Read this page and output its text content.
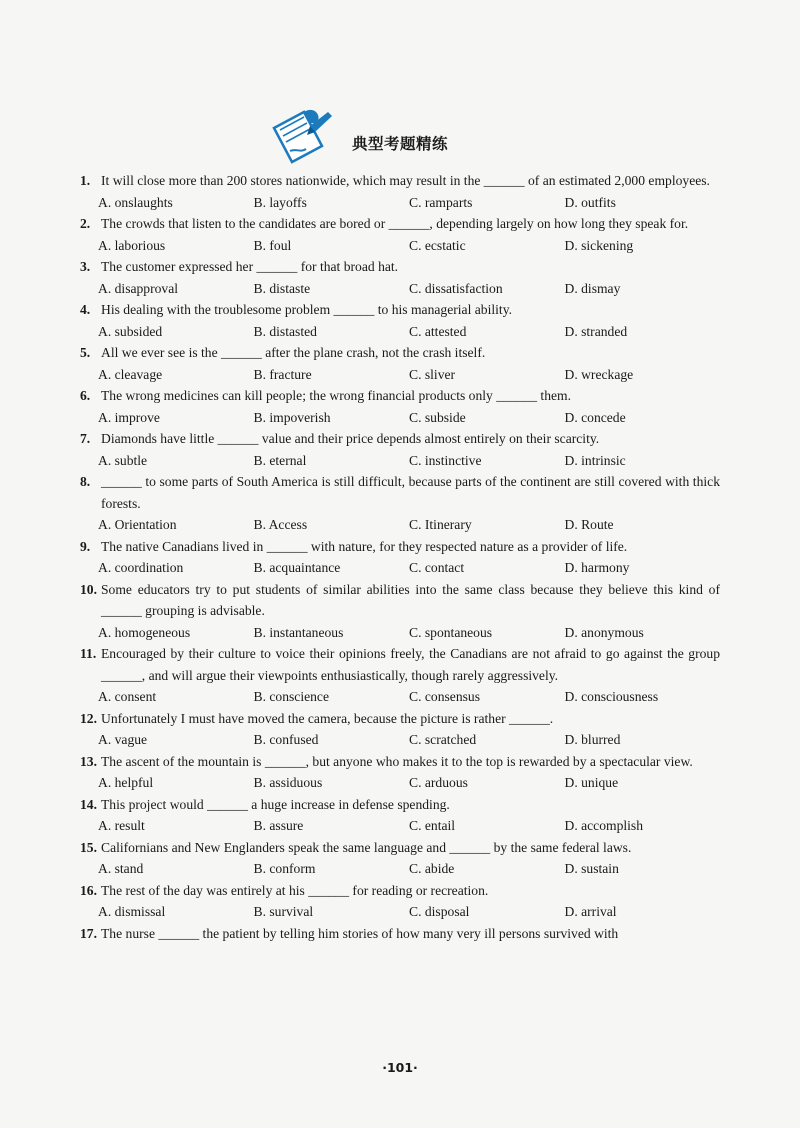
典型考题精练
1. It will close more than 200 stores nationwide, which may result in the ______ of an estimated 2,000 employees.
A. onslaughts	B. layoffs	C. ramparts	D. outfits
2. The crowds that listen to the candidates are bored or ______, depending largely on how long they speak for.
A. laborious	B. foul	C. ecstatic	D. sickening
3. The customer expressed her ______ for that broad hat.
A. disapproval	B. distaste	C. dissatisfaction	D. dismay
4. His dealing with the troublesome problem ______ to his managerial ability.
A. subsided	B. distasted	C. attested	D. stranded
5. All we ever see is the ______ after the plane crash, not the crash itself.
A. cleavage	B. fracture	C. sliver	D. wreckage
6. The wrong medicines can kill people; the wrong financial products only ______ them.
A. improve	B. impoverish	C. subside	D. concede
7. Diamonds have little ______ value and their price depends almost entirely on their scarcity.
A. subtle	B. eternal	C. instinctive	D. intrinsic
8. ______ to some parts of South America is still difficult, because parts of the continent are still covered with thick forests.
A. Orientation	B. Access	C. Itinerary	D. Route
9. The native Canadians lived in ______ with nature, for they respected nature as a provider of life.
A. coordination	B. acquaintance	C. contact	D. harmony
10. Some educators try to put students of similar abilities into the same class because they believe this kind of ______ grouping is advisable.
A. homogeneous	B. instantaneous	C. spontaneous	D. anonymous
11. Encouraged by their culture to voice their opinions freely, the Canadians are not afraid to go against the group ______, and will argue their viewpoints enthusiastically, though rarely aggressively.
A. consent	B. conscience	C. consensus	D. consciousness
12. Unfortunately I must have moved the camera, because the picture is rather ______.
A. vague	B. confused	C. scratched	D. blurred
13. The ascent of the mountain is ______, but anyone who makes it to the top is rewarded by a spectacular view.
A. helpful	B. assiduous	C. arduous	D. unique
14. This project would ______ a huge increase in defense spending.
A. result	B. assure	C. entail	D. accomplish
15. Californians and New Englanders speak the same language and ______ by the same federal laws.
A. stand	B. conform	C. abide	D. sustain
16. The rest of the day was entirely at his ______ for reading or recreation.
A. dismissal	B. survival	C. disposal	D. arrival
17. The nurse ______ the patient by telling him stories of how many very ill persons survived with
·101·
